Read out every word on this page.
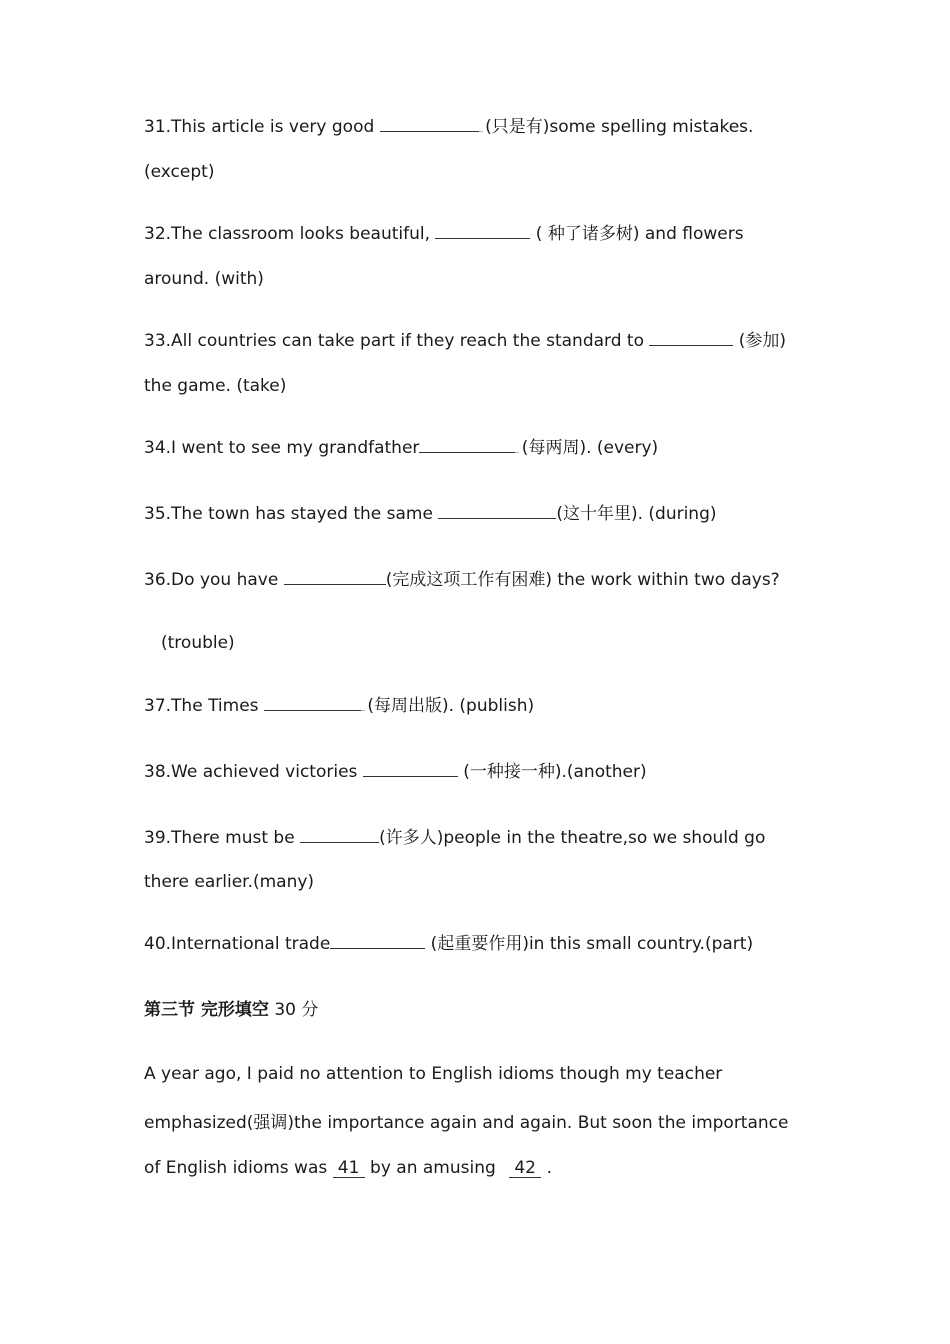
31.This article is very good	(只是有)some spelling mistakes.
(except)
32.The classroom looks beautiful,	( 种了诸多树) and flowers
around. (with)
33.All countries can take part if they reach the standard to	(参加)
the game. (take)
34.I went to see my grandfather	(每两周). (every)
35.The town has stayed the same	(这十年里). (during)
36.Do you have	(完成这项工作有困难) the work within two days?
(trouble)
37.The Times	(每周出版). (publish)
38.We achieved victories	(一种接一种).(another)
39.There must be	(许多人)people in the theatre,so we should go
there earlier.(many)
40.International trade	(起重要作用)in this small country.(part)
第三节 完形填空 30 分
A year ago, I paid no attention to English idioms though my teacher
emphasized(强调)the importance again and again. But soon the importance
of English idioms was 41 by an amusing 42 .
